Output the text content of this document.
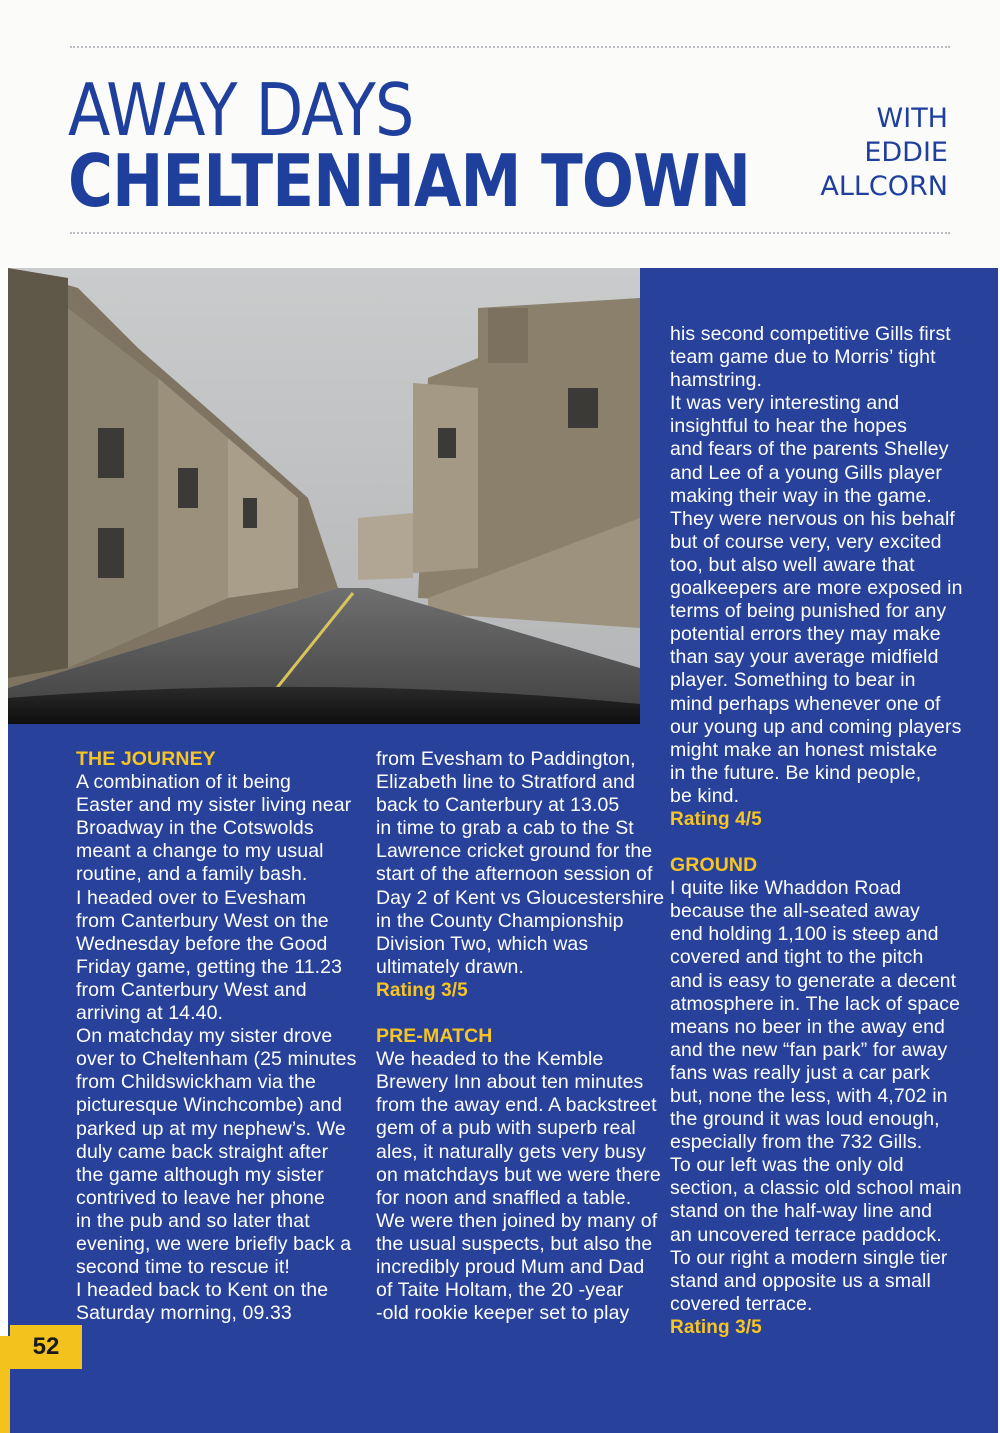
AWAY DAYS
CHELTENHAM TOWN
WITH
EDDIE
ALLCORN

THE JOURNEY

A combination of it being

Easter and my sister living near

Broadway in the Cotswolds

meant a change to my usual

routine, and a family bash.

I headed over to Evesham

from Canterbury West on the

Wednesday before the Good

Friday game, getting the 11.23

from Canterbury West and

arriving at 14.40.

On matchday my sister drove

over to Cheltenham (25 minutes

from Childswickham via the

picturesque Winchcombe) and

parked up at my nephew’s. We

duly came back straight after

the game although my sister

contrived to leave her phone

in the pub and so later that

evening, we were briefly back a

second time to rescue it!

I headed back to Kent on the

Saturday morning, 09.33

from Evesham to Paddington,

Elizabeth line to Stratford and

back to Canterbury at 13.05

in time to grab a cab to the St

Lawrence cricket ground for the

start of the afternoon session of

Day 2 of Kent vs Gloucestershire

in the County Championship

Division Two, which was

ultimately drawn.

Rating 3/5

PRE-MATCH

We headed to the Kemble

Brewery Inn about ten minutes

from the away end. A backstreet

gem of a pub with superb real

ales, it naturally gets very busy

on matchdays but we were there

for noon and snaffled a table.

We were then joined by many of

the usual suspects, but also the

incredibly proud Mum and Dad

of Taite Holtam, the 20 -year

-old rookie keeper set to play

his second competitive Gills first

team game due to Morris’ tight

hamstring.

It was very interesting and

insightful to hear the hopes

and fears of the parents Shelley

and Lee of a young Gills player

making their way in the game.

They were nervous on his behalf

but of course very, very excited

too, but also well aware that

goalkeepers are more exposed in

terms of being punished for any

potential errors they may make

than say your average midfield

player. Something to bear in

mind perhaps whenever one of

our young up and coming players

might make an honest mistake

in the future. Be kind people,

be kind.

Rating 4/5

GROUND

I quite like Whaddon Road

because the all-seated away

end holding 1,100 is steep and

covered and tight to the pitch

and is easy to generate a decent

atmosphere in. The lack of space

means no beer in the away end

and the new “fan park” for away

fans was really just a car park

but, none the less, with 4,702 in

the ground it was loud enough,

especially from the 732 Gills.

To our left was the only old

section, a classic old school main

stand on the half-way line and

an uncovered terrace paddock.

To our right a modern single tier

stand and opposite us a small

covered terrace.

Rating 3/5

52
